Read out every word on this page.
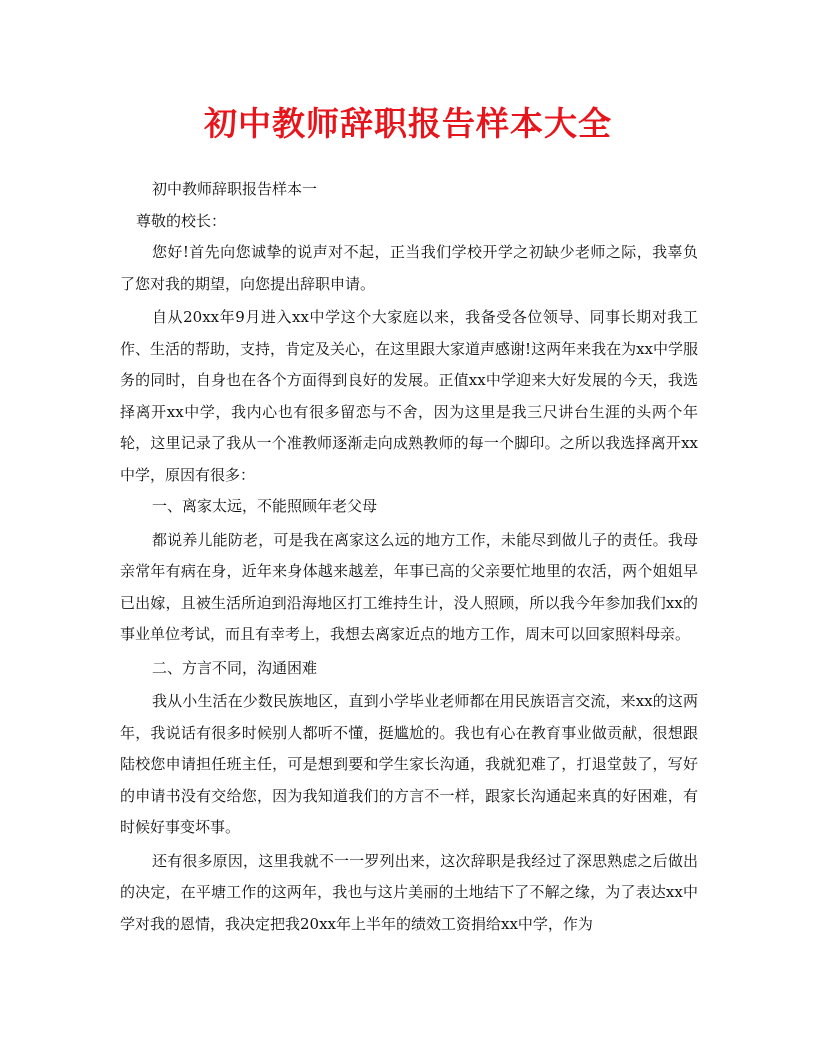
初中教师辞职报告样本大全

初中教师辞职报告样本一

尊敬的校长：

您好!首先向您诚挚的说声对不起，正当我们学校开学之初缺少老师之际，我辜负了您对我的期望，向您提出辞职申请。

自从20xx年9月进入xx中学这个大家庭以来，我备受各位领导、同事长期对我工作、生活的帮助，支持，肯定及关心，在这里跟大家道声感谢!这两年来我在为xx中学服务的同时，自身也在各个方面得到良好的发展。正值xx中学迎来大好发展的今天，我选择离开xx中学，我内心也有很多留恋与不舍，因为这里是我三尺讲台生涯的头两个年轮，这里记录了我从一个准教师逐渐走向成熟教师的每一个脚印。之所以我选择离开xx中学，原因有很多：

一、离家太远，不能照顾年老父母

都说养儿能防老，可是我在离家这么远的地方工作，未能尽到做儿子的责任。我母亲常年有病在身，近年来身体越来越差，年事已高的父亲要忙地里的农活，两个姐姐早已出嫁，且被生活所迫到沿海地区打工维持生计，没人照顾，所以我今年参加我们xx的事业单位考试，而且有幸考上，我想去离家近点的地方工作，周末可以回家照料母亲。

二、方言不同，沟通困难

我从小生活在少数民族地区，直到小学毕业老师都在用民族语言交流，来xx的这两年，我说话有很多时候别人都听不懂，挺尴尬的。我也有心在教育事业做贡献，很想跟陆校您申请担任班主任，可是想到要和学生家长沟通，我就犯难了，打退堂鼓了，写好的申请书没有交给您，因为我知道我们的方言不一样，跟家长沟通起来真的好困难，有时候好事变坏事。

还有很多原因，这里我就不一一罗列出来，这次辞职是我经过了深思熟虑之后做出的决定，在平塘工作的这两年，我也与这片美丽的土地结下了不解之缘，为了表达xx中学对我的恩情，我决定把我20xx年上半年的绩效工资捐给xx中学，作为
